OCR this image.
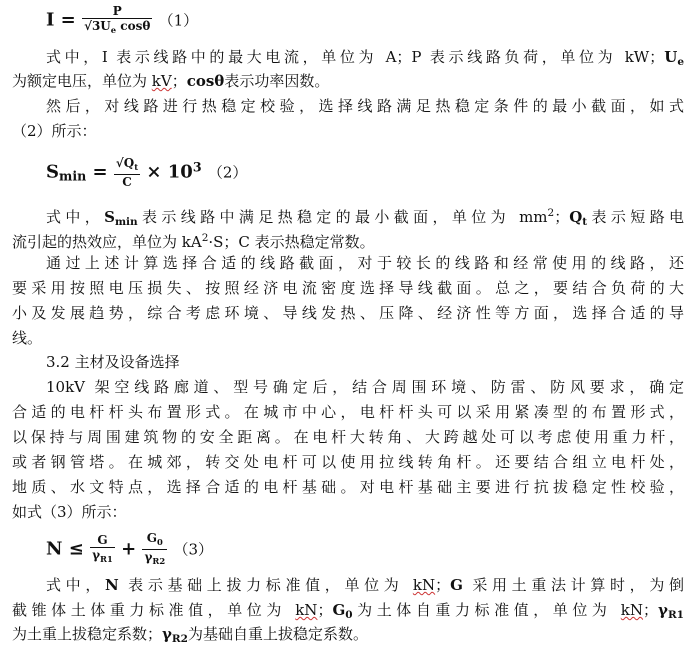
$I = \frac{P}{√3U_e \cos\theta} (1)$
式中，I 表示线路中的最大电流，单位为 A；P 表示线路负荷，单位为 kW；$U_e$
为额定电压，单位为 kV；cosθ表示功率因数。
然后，对线路进行热稳定校验，选择线路满足热稳定条件的最小截面，如式
（2）所示：
$S_{min} = \frac{√Q_t}{C} \times 10^3$ （2）
式中，$S_{min}$表示线路中满足热稳定的最小截面，单位为 $mm^2$；$Q_t$表示短路电
流引起的热效应，单位为 $kA^2\cdot S$；C 表示热稳定常数。
通过上述计算选择合适的线路截面，对于较长的线路和经常使用的线路，还
要采用按照电压损失、按照经济电流密度选择导线截面。总之，要结合负荷的大
小及发展趋势，综合考虑环境、导线发热、压降、经济性等方面，选择合适的导
线。
3.2 主材及设备选择
10kV 架空线路廊道、型号确定后，结合周围环境、防雷、防风要求，确定
合适的电杆杆头布置形式。在城市中心，电杆杆头可以采用紧凑型的布置形式，
以保持与周围建筑物的安全距离。在电杆大转角、大跨越处可以考虑使用重力杆，
或者钢管塔。在城郊，转交处电杆可以使用拉线转角杆。还要结合组立电杆处，
地质、水文特点，选择合适的电杆基础。对电杆基础主要进行抗拔稳定性校验，
如式（3）所示：
$N \le \frac{G}{\gamma_{R1}} + \frac{G_0}{\gamma_{R2}} (3)$
式中，N 表示基础上拔力标准值，单位为 kN；G 采用土重法计算时，为倒
截锥体土体重力标准值，单位为 kN；$G_0$为土体自重力标准值，单位为 kN；$\gamma_{R1}$
为土重上拔稳定系数；$\gamma_{R2}$为基础自重上拔稳定系数。
